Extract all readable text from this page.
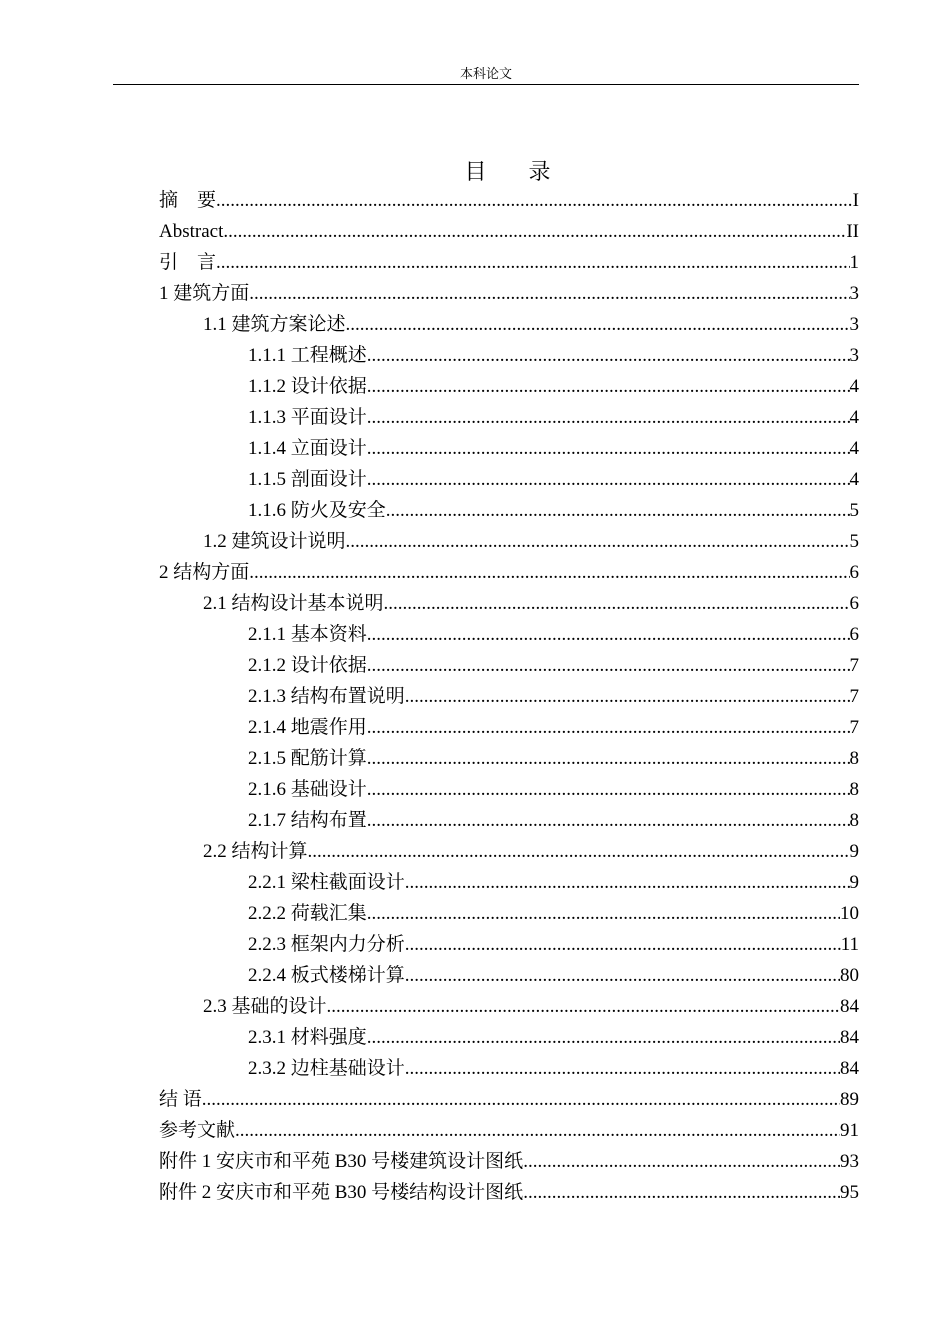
本科论文
目 录
摘　要 .....	I
Abstract .....	II
引　言 .....	1
1 建筑方面 .....	3
1.1 建筑方案论述 .....	3
1.1.1 工程概述 .....	3
1.1.2 设计依据 .....	4
1.1.3 平面设计 .....	4
1.1.4 立面设计 .....	4
1.1.5 剖面设计 .....	4
1.1.6 防火及安全 .....	5
1.2 建筑设计说明 .....	5
2 结构方面 .....	6
2.1 结构设计基本说明 .....	6
2.1.1 基本资料 .....	6
2.1.2 设计依据 .....	7
2.1.3 结构布置说明 .....	7
2.1.4 地震作用 .....	7
2.1.5 配筋计算 .....	8
2.1.6 基础设计 .....	8
2.1.7 结构布置 .....	8
2.2 结构计算 .....	9
2.2.1 梁柱截面设计 .....	9
2.2.2 荷载汇集 .....	10
2.2.3 框架内力分析 .....	11
2.2.4 板式楼梯计算 .....	80
2.3 基础的设计 .....	84
2.3.1 材料强度 .....	84
2.3.2 边柱基础设计 .....	84
结 语 .....	89
参考文献 .....	91
附件 1 安庆市和平苑 B30 号楼建筑设计图纸 .....	93
附件 2 安庆市和平苑 B30 号楼结构设计图纸 .....	95
